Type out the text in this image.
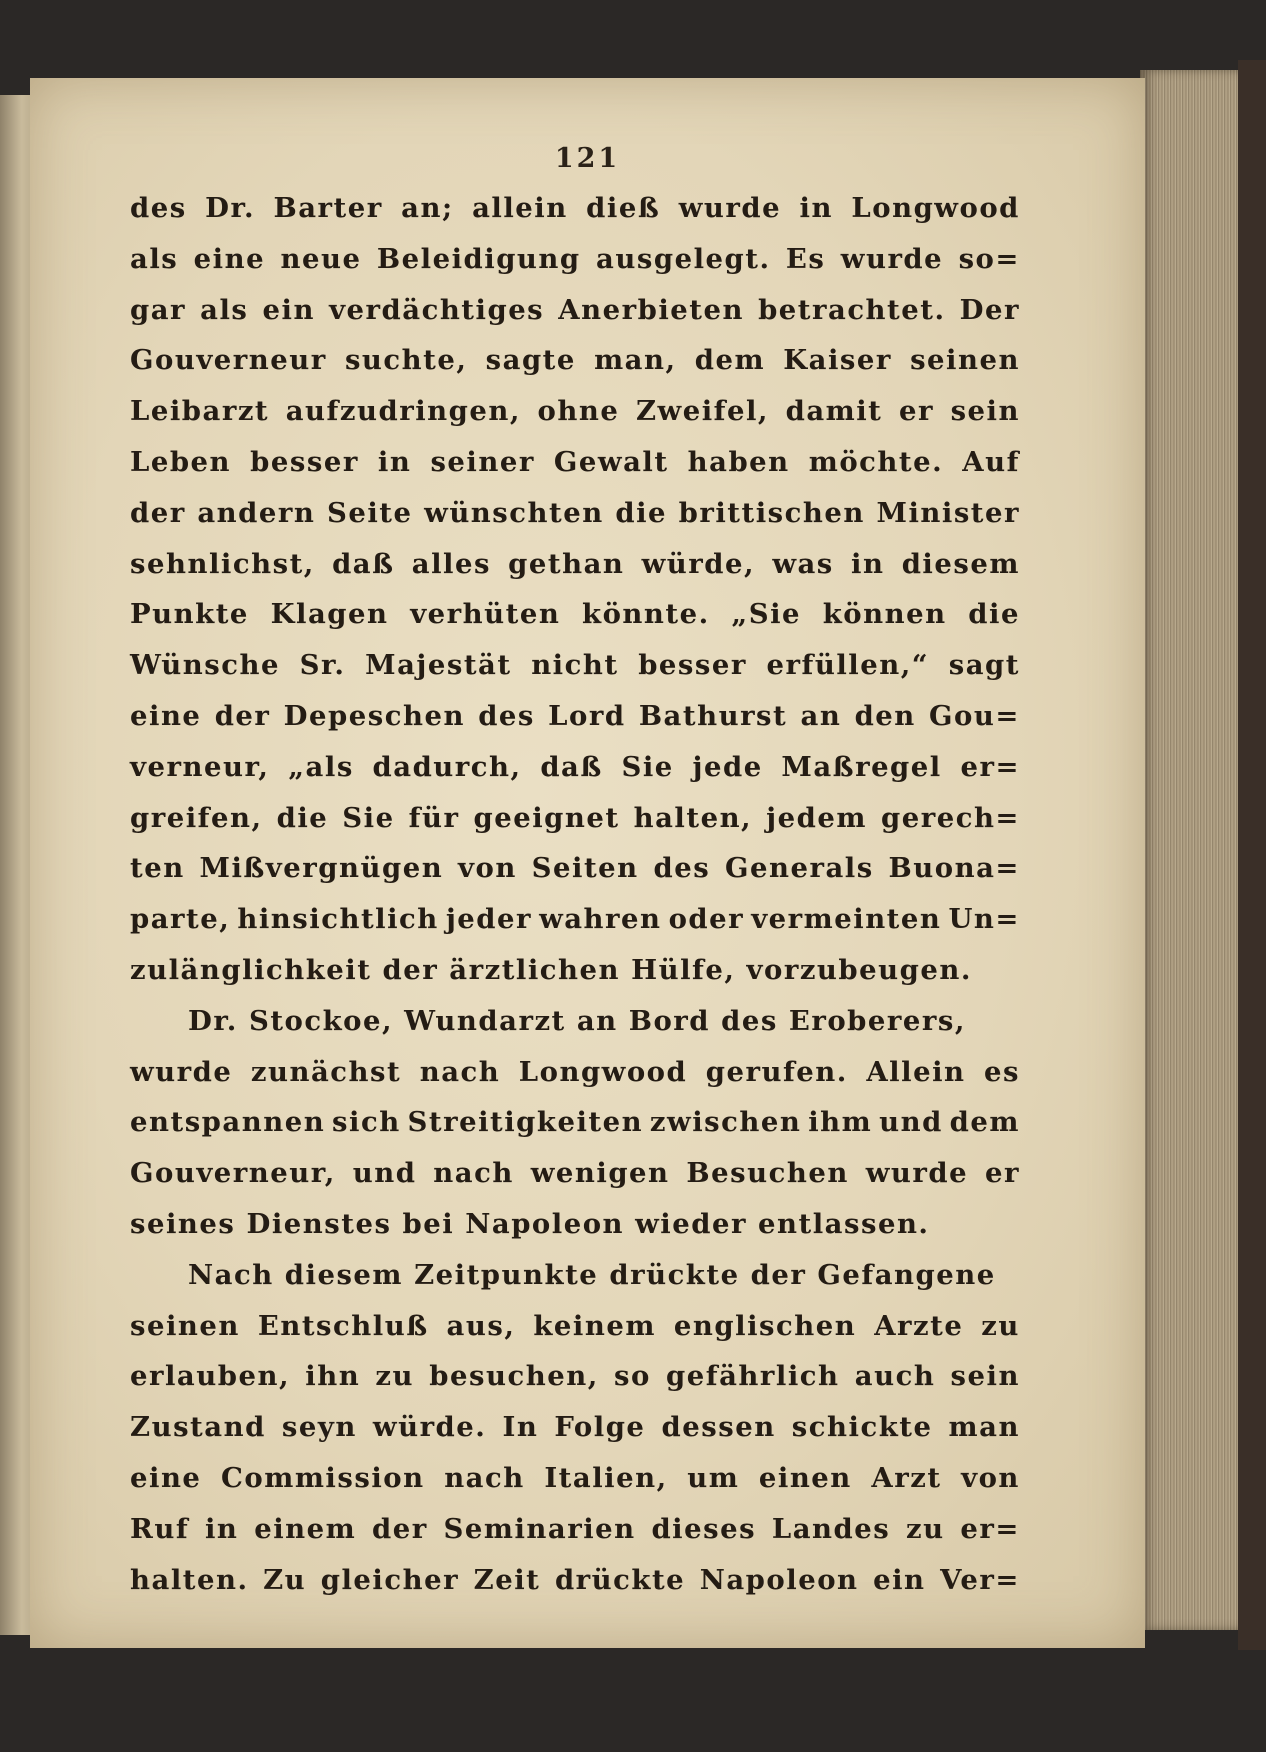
121
des Dr. Barter an; allein dieß wurde in Longwood
als eine neue Beleidigung ausgelegt. Es wurde so=
gar als ein verdächtiges Anerbieten betrachtet. Der
Gouverneur suchte, sagte man, dem Kaiser seinen
Leibarzt aufzudringen, ohne Zweifel, damit er sein
Leben besser in seiner Gewalt haben möchte. Auf
der andern Seite wünschten die brittischen Minister
sehnlichst, daß alles gethan würde, was in diesem
Punkte Klagen verhüten könnte. „Sie können die
Wünsche Sr. Majestät nicht besser erfüllen,“ sagt
eine der Depeschen des Lord Bathurst an den Gou=
verneur, „als dadurch, daß Sie jede Maßregel er=
greifen, die Sie für geeignet halten, jedem gerech=
ten Mißvergnügen von Seiten des Generals Buona=
parte, hinsichtlich jeder wahren oder vermeinten Un=
zulänglichkeit der ärztlichen Hülfe, vorzubeugen.
Dr. Stockoe, Wundarzt an Bord des Eroberers,
wurde zunächst nach Longwood gerufen. Allein es
entspannen sich Streitigkeiten zwischen ihm und dem
Gouverneur, und nach wenigen Besuchen wurde er
seines Dienstes bei Napoleon wieder entlassen.
Nach diesem Zeitpunkte drückte der Gefangene
seinen Entschluß aus, keinem englischen Arzte zu
erlauben, ihn zu besuchen, so gefährlich auch sein
Zustand seyn würde. In Folge dessen schickte man
eine Commission nach Italien, um einen Arzt von
Ruf in einem der Seminarien dieses Landes zu er=
halten. Zu gleicher Zeit drückte Napoleon ein Ver=
